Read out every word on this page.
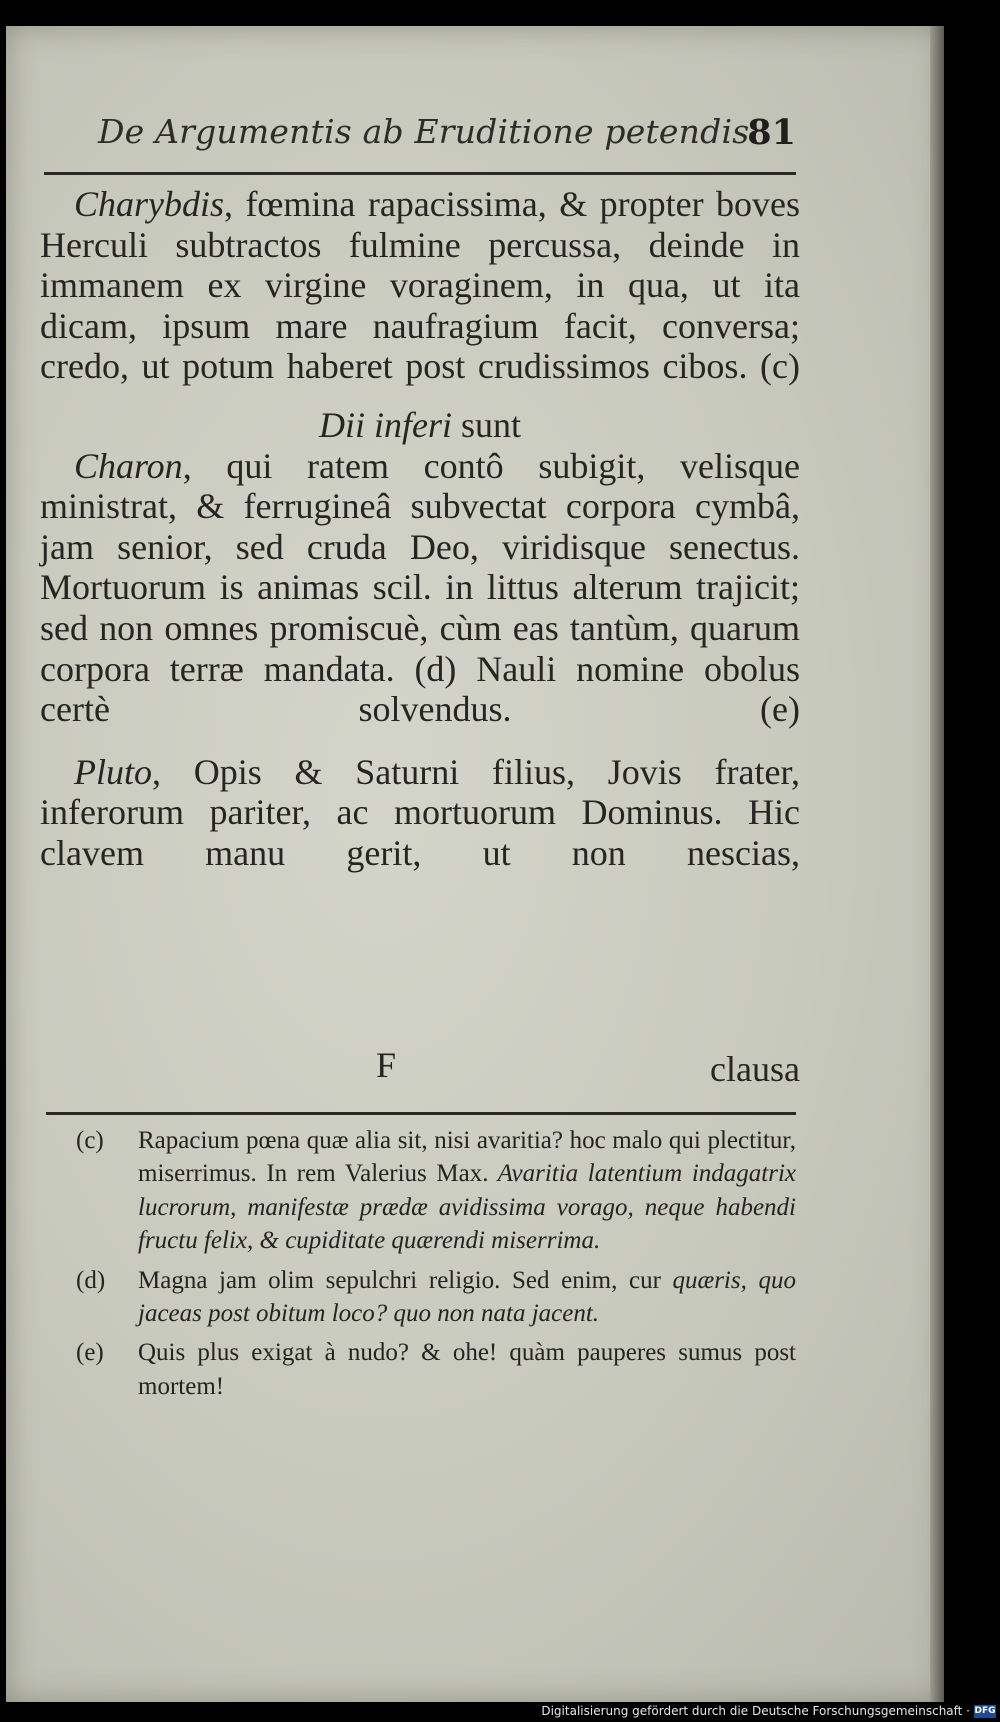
De Argumentis ab Eruditione petendis.
81

Charybdis, fœmina rapacissima, & propter boves Herculi subtractos fulmine percussa, deinde in immanem ex virgine voraginem, in qua, ut ita dicam, ipsum mare naufragium facit, conversa; credo, ut potum haberet post crudissimos cibos. (c)

Dii inferi sunt

Charon, qui ratem contô subigit, velisque ministrat, & ferrugineâ subvectat corpora cymbâ, jam senior, sed cruda Deo, viridisque senectus. Mortuorum is animas scil. in littus alterum trajicit; sed non omnes promiscuè, cùm eas tantùm, quarum corpora terræ mandata. (d) Nauli nomine obolus certè solvendus. (e)

Pluto, Opis & Saturni filius, Jovis frater, inferorum pariter, ac mortuorum Dominus. Hic clavem manu gerit, ut non nescias,

F	clausa

(c) Rapacium pœna quæ alia sit, nisi avaritia? hoc malo qui plectitur, miserrimus. In rem Valerius Max. Avaritia latentium indagatrix lucrorum, manifestæ prædæ avidissima vorago, neque habendi fructu felix, & cupiditate quærendi miserrima.

(d) Magna jam olim sepulchri religio. Sed enim, cur quæris, quo jaceas post obitum loco? quo non nata jacent.

(e) Quis plus exigat à nudo? & ohe! quàm pauperes sumus post mortem!

Digitalisierung gefördert durch die Deutsche Forschungsgemeinschaft · DFG
